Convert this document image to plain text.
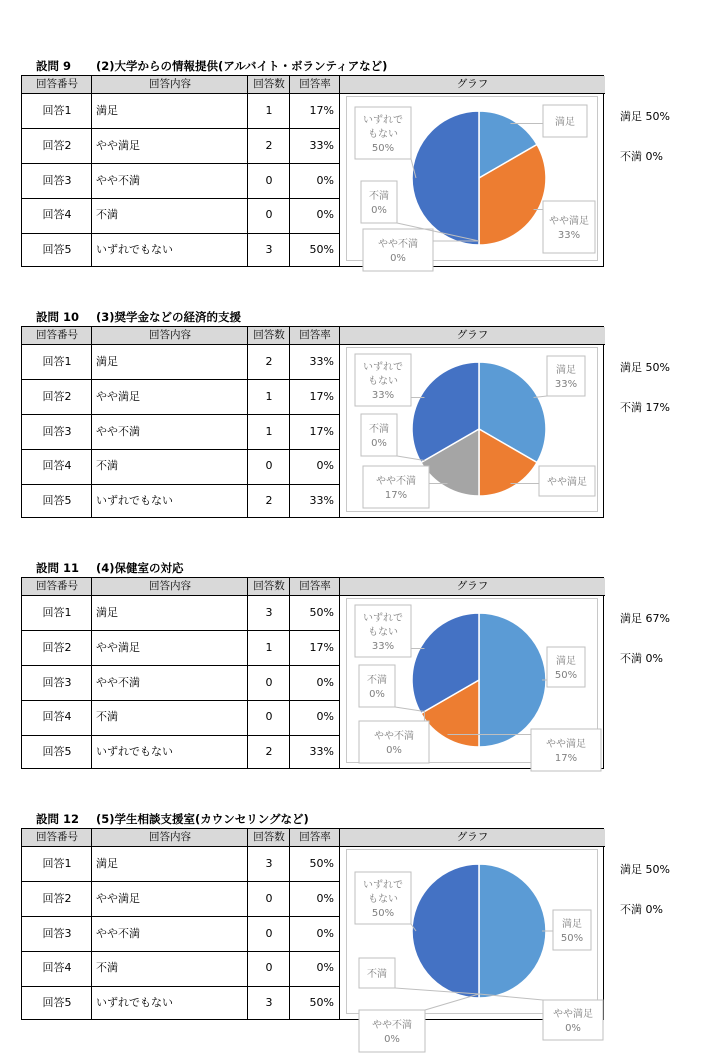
設問 9 (2)大学からの情報提供(アルバイト・ボランティアなど)
回答番号	回答内容	回答数	回答率	グラフ
回答1	満足	1	17%
回答2	やや満足	2	33%
回答3	やや不満	0	0%
回答4	不満	0	0%
回答5	いずれでもない	3	50%
満足
やや満足
33%
やや不満
0%
不満
0%
いずれで
もない
50%
満足 50%
不満 0%
設問 10 (3)奨学金などの経済的支援
回答番号	回答内容	回答数	回答率	グラフ
回答1	満足	2	33%
回答2	やや満足	1	17%
回答3	やや不満	1	17%
回答4	不満	0	0%
回答5	いずれでもない	2	33%
満足
33%
やや満足
やや不満
17%
不満
0%
いずれで
もない
33%
満足 50%
不満 17%
設問 11 (4)保健室の対応
回答番号	回答内容	回答数	回答率	グラフ
回答1	満足	3	50%
回答2	やや満足	1	17%
回答3	やや不満	0	0%
回答4	不満	0	0%
回答5	いずれでもない	2	33%
満足
50%
やや満足
17%
やや不満
0%
不満
0%
いずれで
もない
33%
満足 67%
不満 0%
設問 12 (5)学生相談支援室(カウンセリングなど)
回答番号	回答内容	回答数	回答率	グラフ
回答1	満足	3	50%
回答2	やや満足	0	0%
回答3	やや不満	0	0%
回答4	不満	0	0%
回答5	いずれでもない	3	50%
満足
50%
やや満足
0%
やや不満
0%
不満
いずれで
もない
50%
満足 50%
不満 0%
